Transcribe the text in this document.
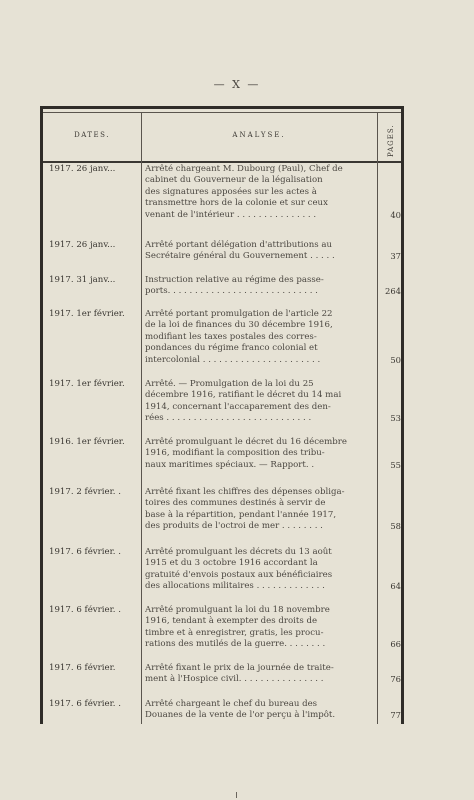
— X —
DATES.	ANALYSE.	PAGES.
1917. 26 janv...	Arrêté chargeant M. Dubourg (Paul), Chef de
cabinet du Gouverneur de la légalisation
des signatures apposées sur les actes à
transmettre hors de la colonie et sur ceux
venant de l'intérieur . . . . . . . . . . . . . . .	40
1917. 26 janv...	Arrêté portant délégation d'attributions au
Secrétaire général du Gouvernement . . . . .	37
1917. 31 janv...	Instruction relative au régime des passe-
ports. . . . . . . . . . . . . . . . . . . . . . . . . . . .	264
1917. 1er février.	Arrêté portant promulgation de l'article 22
de la loi de finances du 30 décembre 1916,
modifiant les taxes postales des corres-
pondances du régime franco colonial et
intercolonial . . . . . . . . . . . . . . . . . . . . . .	50
1917. 1er février.	Arrêté. — Promulgation de la loi du 25
décembre 1916, ratifiant le décret du 14 mai
1914, concernant l'accaparement des den-
rées . . . . . . . . . . . . . . . . . . . . . . . . . . .	53
1916. 1er février.	Arrêté promulguant le décret du 16 décembre
1916, modifiant la composition des tribu-
naux maritimes spéciaux. — Rapport. .	55
1917. 2 février. .	Arrêté fixant les chiffres des dépenses obliga-
toires des communes destinés à servir de
base à la répartition, pendant l'année 1917,
des produits de l'octroi de mer . . . . . . . .	58
1917. 6 février. .	Arrêté promulguant les décrets du 13 août
1915 et du 3 octobre 1916 accordant la
gratuité d'envois postaux aux bénéficiaires
des allocations militaires . . . . . . . . . . . . .	64
1917. 6 février. .	Arrêté promulguant la loi du 18 novembre
1916, tendant à exempter des droits de
timbre et à enregistrer, gratis, les procu-
rations des mutilés de la guerre. . . . . . . .	66
1917. 6 février.	Arrêté fixant le prix de la journée de traite-
ment à l'Hospice civil. . . . . . . . . . . . . . . .	76
1917. 6 février. .	Arrêté chargeant le chef du bureau des
Douanes de la vente de l'or perçu à l'impôt.	77
